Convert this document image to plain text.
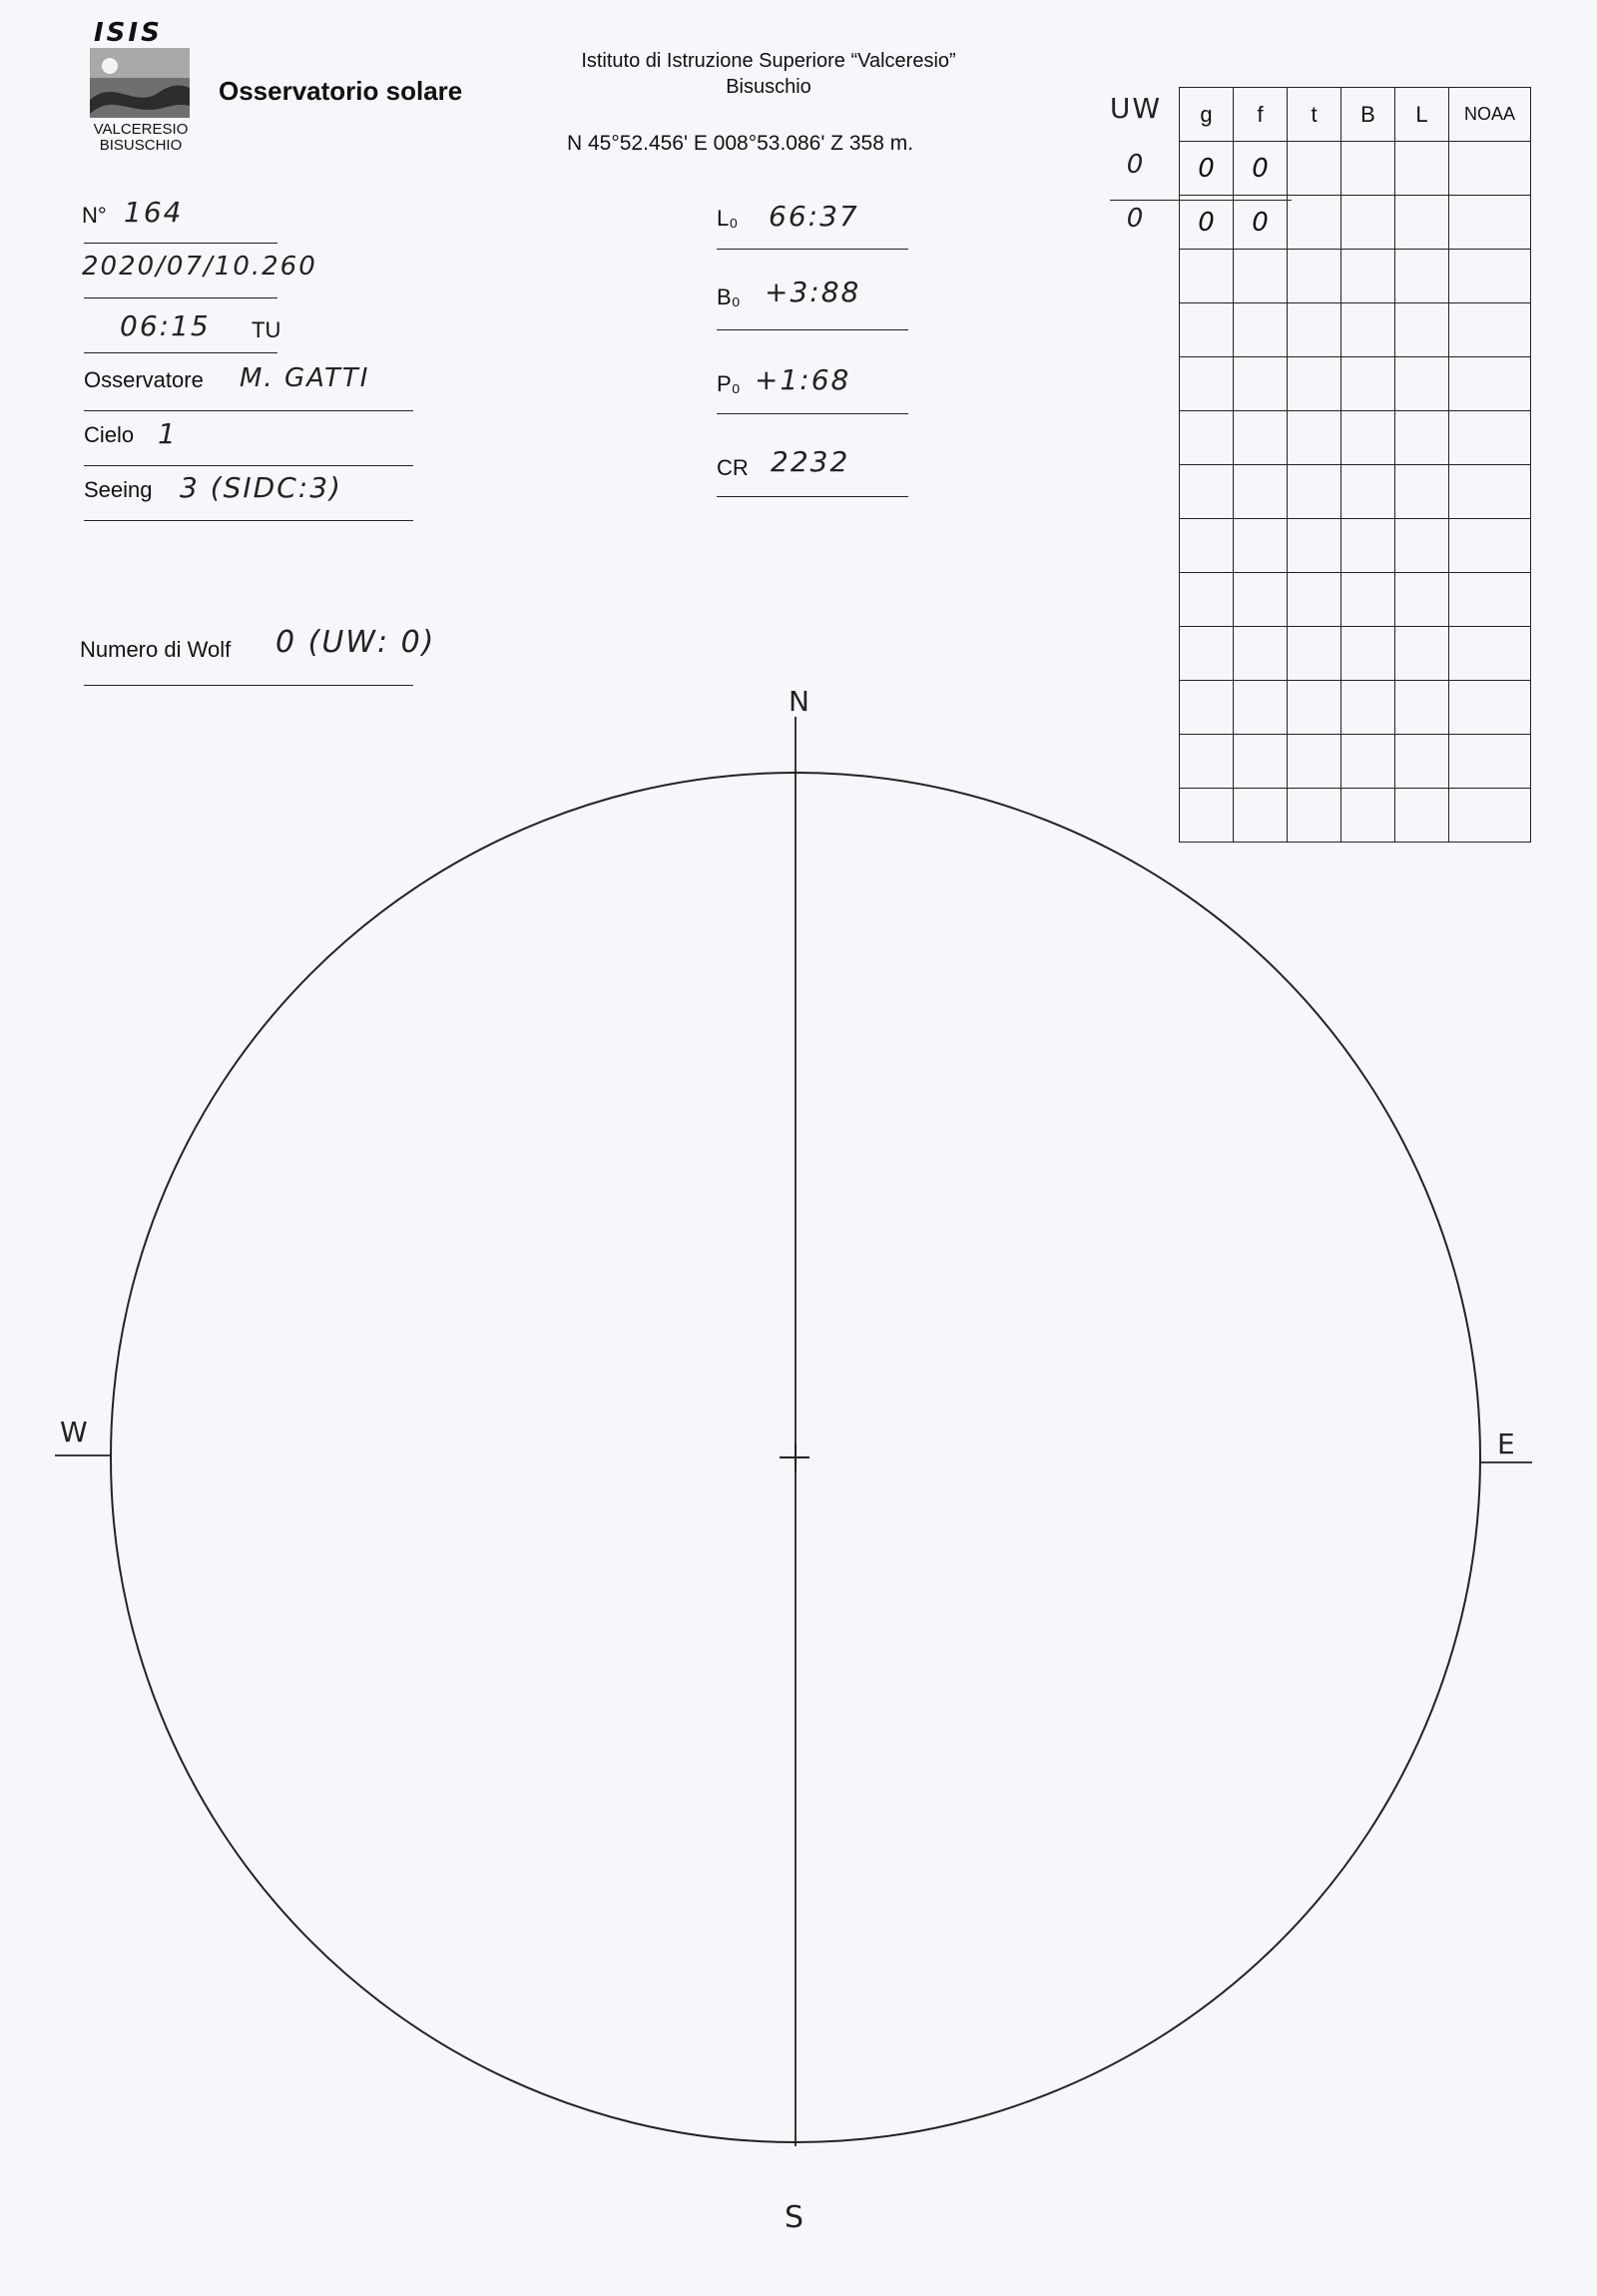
ISIS
VALCERESIO
BISUSCHIO
Osservatorio solare
Istituto di Istruzione Superiore “Valceresio”
Bisuschio
N 45°52.456' E 008°53.086' Z 358 m.
N° 164
2020/07/10.260
06:15 TU
Osservatore M. GATTI
Cielo 1
Seeing 3 (SIDC:3)
Numero di Wolf 0 (UW: 0)
L₀ 66:37
B₀ +3:88
P₀ +1:68
CR 2232
UW
0
0
g	f	t	B	L	NOAA
0	0				
0	0				

N
S
W	E
